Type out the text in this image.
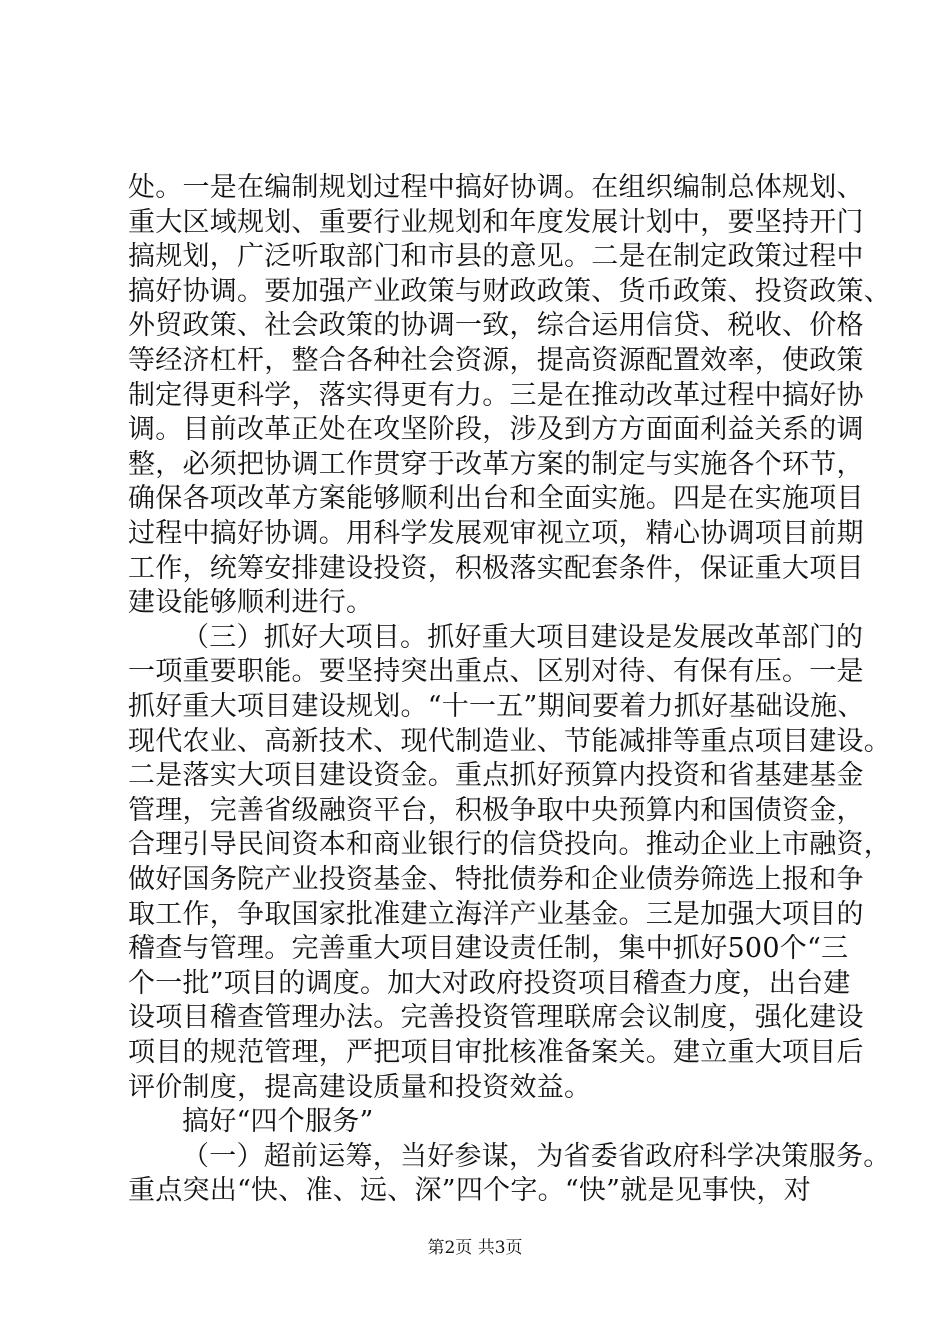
处。一是在编制规划过程中搞好协调。在组织编制总体规划、
重大区域规划、重要行业规划和年度发展计划中，要坚持开门
搞规划，广泛听取部门和市县的意见。二是在制定政策过程中
搞好协调。要加强产业政策与财政政策、货币政策、投资政策、
外贸政策、社会政策的协调一致，综合运用信贷、税收、价格
等经济杠杆，整合各种社会资源，提高资源配置效率，使政策
制定得更科学，落实得更有力。三是在推动改革过程中搞好协
调。目前改革正处在攻坚阶段，涉及到方方面面利益关系的调
整，必须把协调工作贯穿于改革方案的制定与实施各个环节，
确保各项改革方案能够顺利出台和全面实施。四是在实施项目
过程中搞好协调。用科学发展观审视立项，精心协调项目前期
工作，统筹安排建设投资，积极落实配套条件，保证重大项目
建设能够顺利进行。
（三）抓好大项目。抓好重大项目建设是发展改革部门的
一项重要职能。要坚持突出重点、区别对待、有保有压。一是
抓好重大项目建设规划。“十一五”期间要着力抓好基础设施、
现代农业、高新技术、现代制造业、节能减排等重点项目建设。
二是落实大项目建设资金。重点抓好预算内投资和省基建基金
管理，完善省级融资平台，积极争取中央预算内和国债资金，
合理引导民间资本和商业银行的信贷投向。推动企业上市融资，
做好国务院产业投资基金、特批债券和企业债券筛选上报和争
取工作，争取国家批准建立海洋产业基金。三是加强大项目的
稽查与管理。完善重大项目建设责任制，集中抓好500个“三
个一批”项目的调度。加大对政府投资项目稽查力度，出台建
设项目稽查管理办法。完善投资管理联席会议制度，强化建设
项目的规范管理，严把项目审批核准备案关。建立重大项目后
评价制度，提高建设质量和投资效益。
搞好“四个服务”
（一）超前运筹，当好参谋，为省委省政府科学决策服务。
重点突出“快、准、远、深”四个字。“快”就是见事快，对
第2页 共3页
